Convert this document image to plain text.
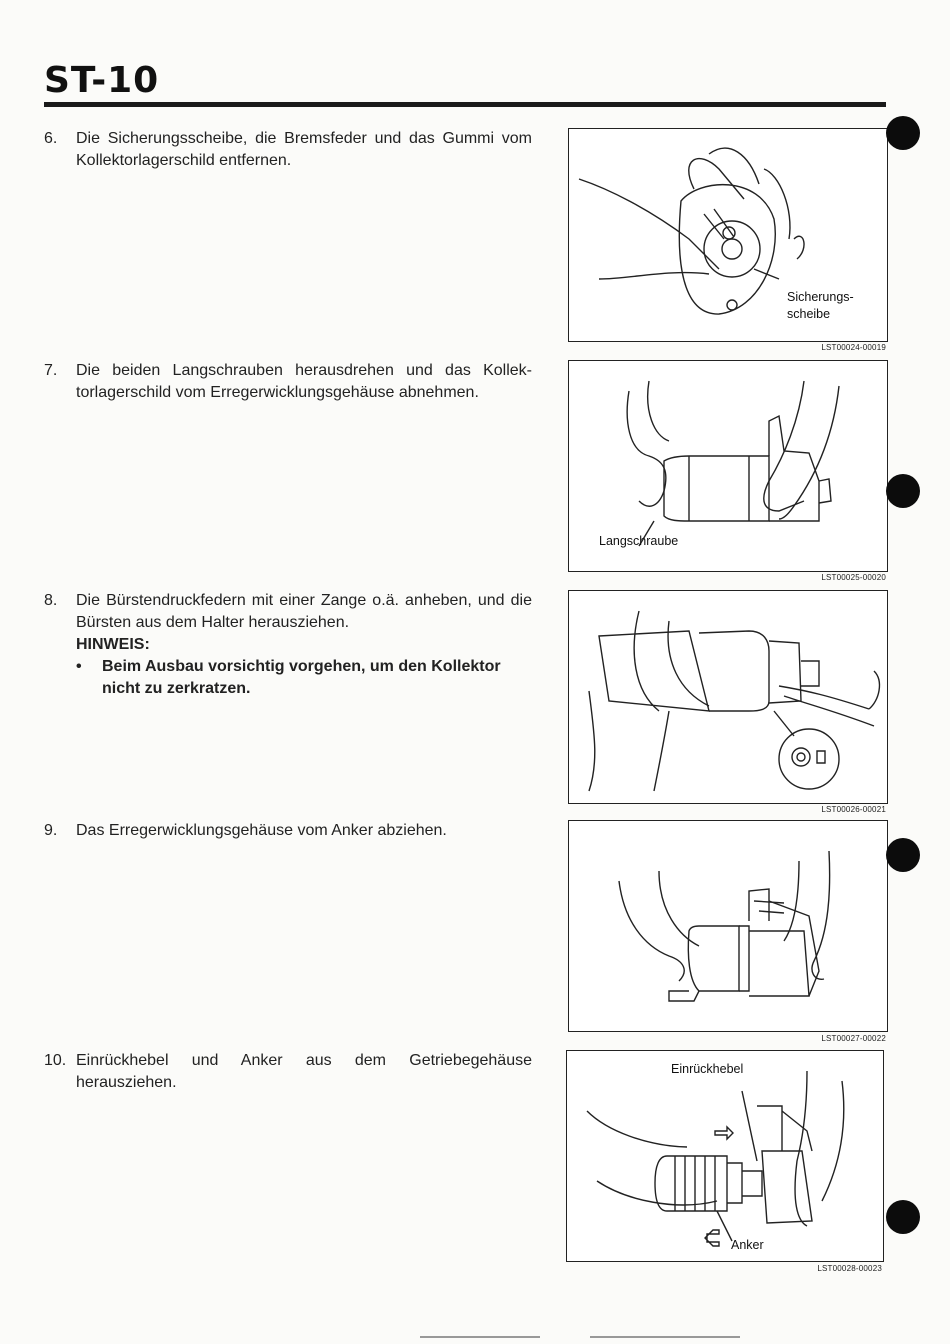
ST-10
6.	Die Sicherungsscheibe, die Bremsfeder und das Gummi vom Kollektorlagerschild entfernen.
7.	Die beiden Langschrauben herausdrehen und das Kollek-torlagerschild vom Erregerwicklungsgehäuse abnehmen.
8.	Die Bürstendruckfedern mit einer Zange o.ä. anheben, und die Bürsten aus dem Halter herausziehen.
HINWEIS:
• Beim Ausbau vorsichtig vorgehen, um den Kollektor nicht zu zerkratzen.
9.	Das Erregerwicklungsgehäuse vom Anker abziehen.
10. Einrückhebel und Anker aus dem Getriebegehäuse herausziehen.
Sicherungs-
scheibe
LST00024-00019
Langschraube
LST00025-00020
LST00026-00021
LST00027-00022
Einrückhebel
Anker
LST00028-00023
